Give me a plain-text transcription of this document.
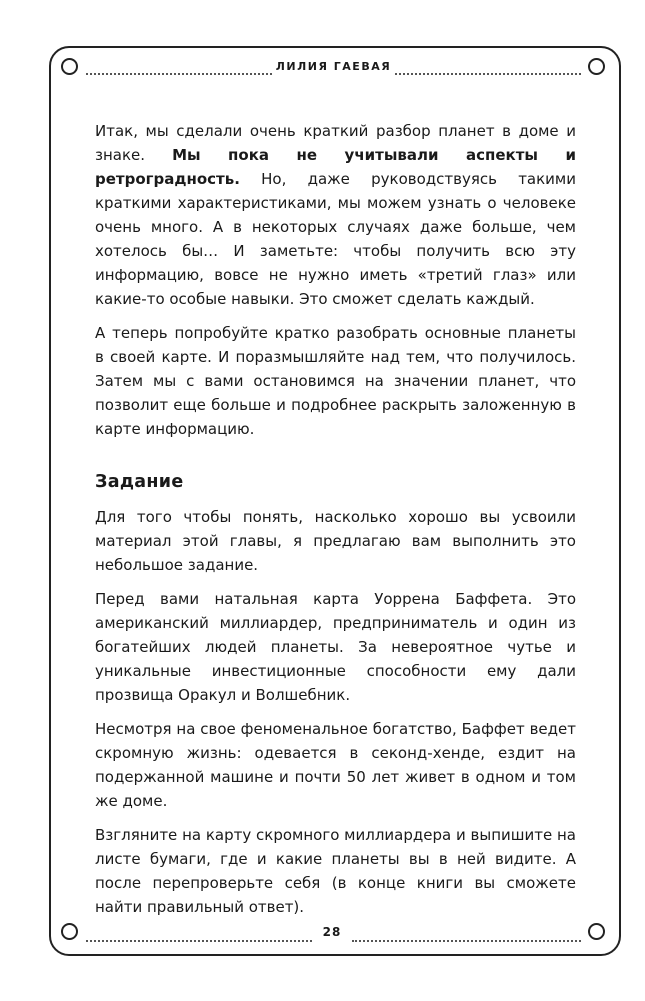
ЛИЛИЯ ГАЕВАЯ

Итак, мы сделали очень краткий разбор планет в доме и знаке. Мы пока не учитывали аспекты и ретроградность. Но, даже руководствуясь такими краткими характеристиками, мы можем узнать о человеке очень много. А в некоторых случаях даже больше, чем хотелось бы… И заметьте: чтобы получить всю эту информацию, вовсе не нужно иметь «третий глаз» или какие-то особые навыки. Это сможет сделать каждый.

А теперь попробуйте кратко разобрать основные планеты в своей карте. И поразмышляйте над тем, что получилось. Затем мы с вами остановимся на значении планет, что позволит еще больше и подробнее раскрыть заложенную в карте информацию.

Задание

Для того чтобы понять, насколько хорошо вы усвоили материал этой главы, я предлагаю вам выполнить это небольшое задание.

Перед вами натальная карта Уоррена Баффета. Это американский миллиардер, предприниматель и один из богатейших людей планеты. За невероятное чутье и уникальные инвестиционные способности ему дали прозвища Оракул и Волшебник.

Несмотря на свое феноменальное богатство, Баффет ведет скромную жизнь: одевается в секонд-хенде, ездит на подержанной машине и почти 50 лет живет в одном и том же доме.

Взгляните на карту скромного миллиардера и выпишите на листе бумаги, где и какие планеты вы в ней видите. А после перепроверьте себя (в конце книги вы сможете найти правильный ответ).

28
